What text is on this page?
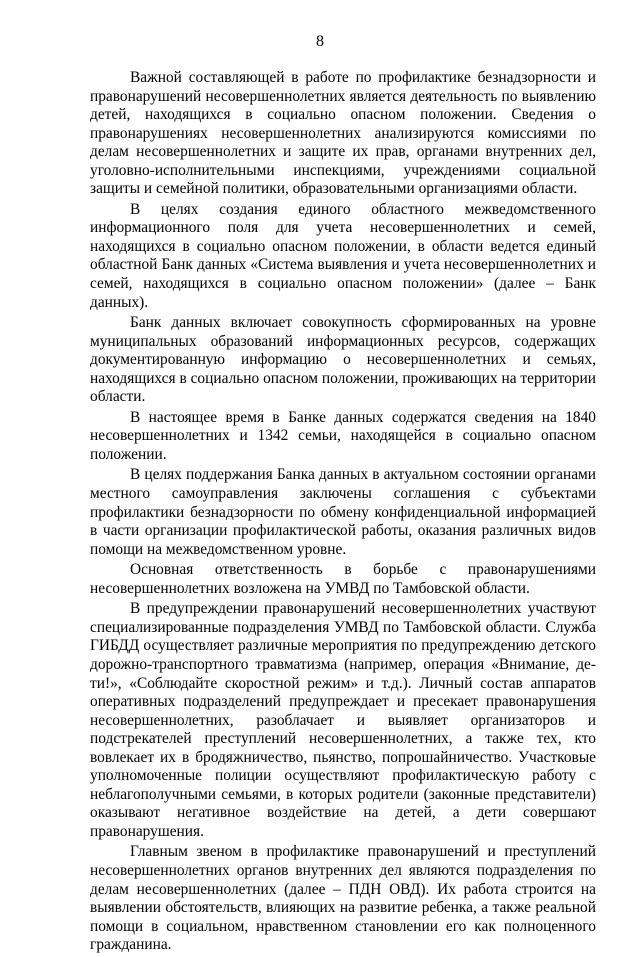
8

Важной составляющей в работе по профилактике безнадзорности и правонарушений несовершеннолетних является деятельность по выявлению детей, находящихся в социально опасном положении. Сведения о правонарушениях несовершеннолетних анализируются комиссиями по делам несовершеннолетних и защите их прав, органами внутренних дел, уголовно-исполнительными инспекциями, учреждениями социальной защиты и семейной политики, образовательными организациями области.

В целях создания единого областного межведомственного информационного поля для учета несовершеннолетних и семей, находящихся в социально опасном положении, в области ведется единый областной Банк данных «Система выявления и учета несовершеннолетних и семей, находящихся в социально опасном положении» (далее – Банк данных).

Банк данных включает совокупность сформированных на уровне муниципальных образований информационных ресурсов, содержащих документированную информацию о несовершеннолетних и семьях, находящихся в социально опасном положении, проживающих на территории области.

В настоящее время в Банке данных содержатся сведения на 1840 несовершеннолетних и 1342 семьи, находящейся в социально опасном положении.

В целях поддержания Банка данных в актуальном состоянии органами местного самоуправления заключены соглашения с субъектами профилактики безнадзорности по обмену конфиденциальной информацией в части организации профилактической работы, оказания различных видов помощи на межведомственном уровне.

Основная ответственность в борьбе с правонарушениями несовершеннолетних возложена на УМВД по Тамбовской области.

В предупреждении правонарушений несовершеннолетних участвуют специализированные подразделения УМВД по Тамбовской области. Служба ГИБДД осуществляет различные мероприятия по предупреждению детского дорожно-транспортного травматизма (например, операция «Внимание, де-ти!», «Соблюдайте скоростной режим» и т.д.). Личный состав аппаратов оперативных подразделений предупреждает и пресекает правонарушения несовершеннолетних, разоблачает и выявляет организаторов и подстрекателей преступлений несовершеннолетних, а также тех, кто вовлекает их в бродяжничество, пьянство, попрошайничество. Участковые уполномоченные полиции осуществляют профилактическую работу с неблагополучными семьями, в которых родители (законные представители) оказывают негативное воздействие на детей, а дети совершают правонарушения.

Главным звеном в профилактике правонарушений и преступлений несовершеннолетних органов внутренних дел являются подразделения по делам несовершеннолетних (далее – ПДН ОВД). Их работа строится на выявлении обстоятельств, влияющих на развитие ребенка, а также реальной помощи в социальном, нравственном становлении его как полноценного гражданина.
